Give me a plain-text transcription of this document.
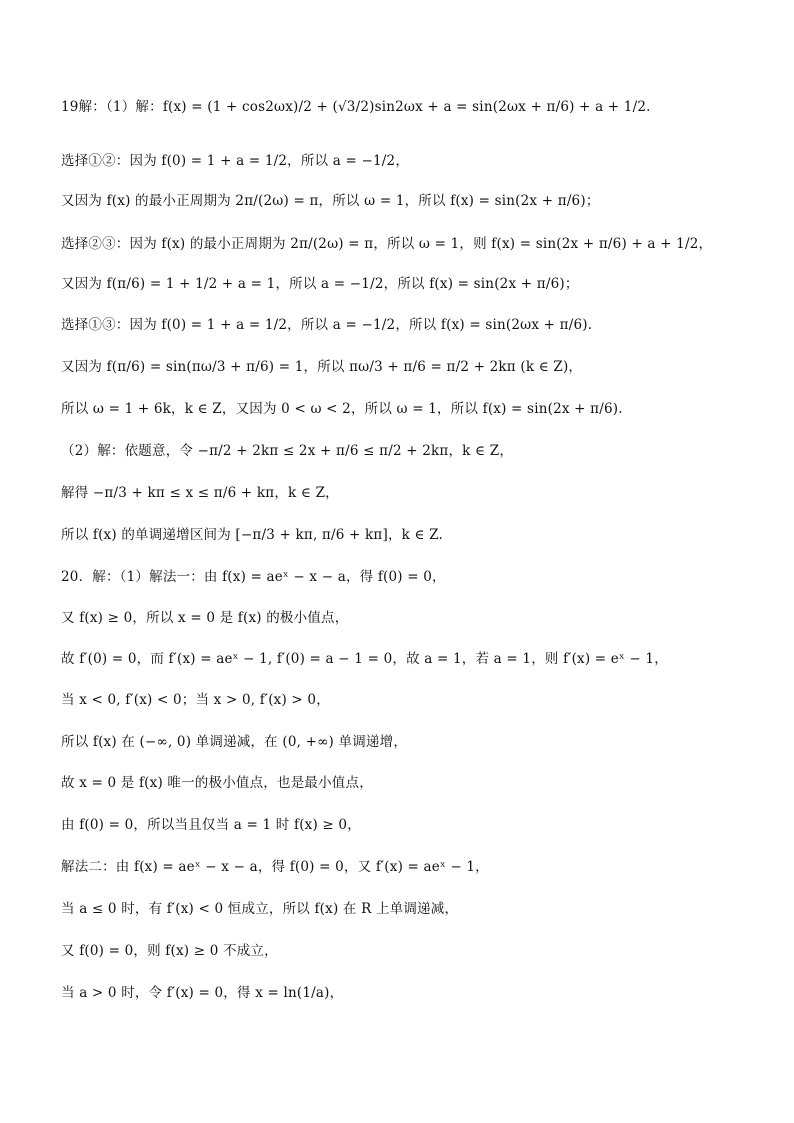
19解：（1）解：f(x) = (1 + cos2ωx)/2 + (√3/2)sin2ωx + a = sin(2ωx + π/6) + a + 1/2.
选择①②：因为 f(0) = 1 + a = 1/2，所以 a = −1/2，
又因为 f(x) 的最小正周期为 2π/(2ω) = π，所以 ω = 1，所以 f(x) = sin(2x + π/6)；
选择②③：因为 f(x) 的最小正周期为 2π/(2ω) = π，所以 ω = 1，则 f(x) = sin(2x + π/6) + a + 1/2，
又因为 f(π/6) = 1 + 1/2 + a = 1，所以 a = −1/2，所以 f(x) = sin(2x + π/6)；
选择①③：因为 f(0) = 1 + a = 1/2，所以 a = −1/2，所以 f(x) = sin(2ωx + π/6).
又因为 f(π/6) = sin(πω/3 + π/6) = 1，所以 πω/3 + π/6 = π/2 + 2kπ (k ∈ Z)，
所以 ω = 1 + 6k，k ∈ Z，又因为 0 < ω < 2，所以 ω = 1，所以 f(x) = sin(2x + π/6).
（2）解：依题意，令 −π/2 + 2kπ ≤ 2x + π/6 ≤ π/2 + 2kπ，k ∈ Z，
解得 −π/3 + kπ ≤ x ≤ π/6 + kπ，k ∈ Z，
所以 f(x) 的单调递增区间为 [−π/3 + kπ, π/6 + kπ]，k ∈ Z.
20．解：（1）解法一：由 f(x) = aeˣ − x − a，得 f(0) = 0，
又 f(x) ≥ 0，所以 x = 0 是 f(x) 的极小值点，
故 f′(0) = 0，而 f′(x) = aeˣ − 1, f′(0) = a − 1 = 0，故 a = 1，若 a = 1，则 f′(x) = eˣ − 1，
当 x < 0, f′(x) < 0；当 x > 0, f′(x) > 0，
所以 f(x) 在 (−∞, 0) 单调递减，在 (0, +∞) 单调递增，
故 x = 0 是 f(x) 唯一的极小值点，也是最小值点，
由 f(0) = 0，所以当且仅当 a = 1 时 f(x) ≥ 0，
解法二：由 f(x) = aeˣ − x − a，得 f(0) = 0，又 f′(x) = aeˣ − 1，
当 a ≤ 0 时，有 f′(x) < 0 恒成立，所以 f(x) 在 R 上单调递减，
又 f(0) = 0，则 f(x) ≥ 0 不成立，
当 a > 0 时，令 f′(x) = 0，得 x = ln(1/a)，
